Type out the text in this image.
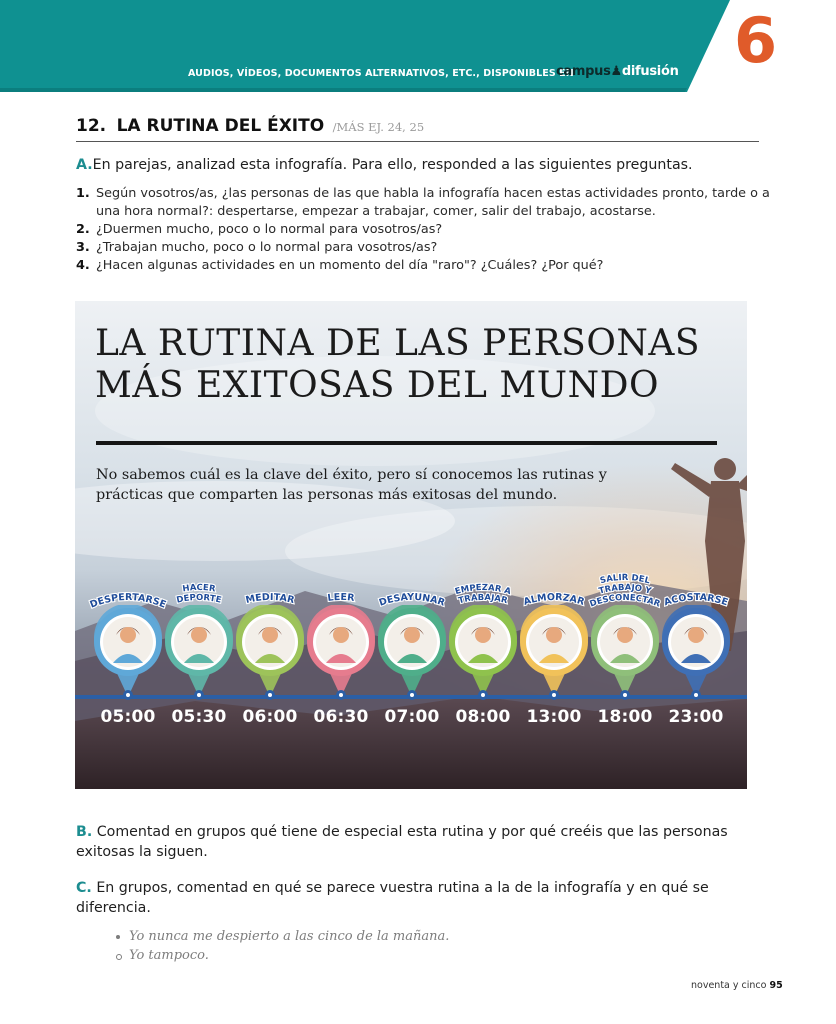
AUDIOS, VÍDEOS, DOCUMENTOS ALTERNATIVOS, ETC., DISPONIBLES EN
campus♟difusión 6
12. LA RUTINA DEL ÉXITO /MÁS EJ. 24, 25
A.En parejas, analizad esta infografía. Para ello, responded a las siguientes preguntas.
1. Según vosotros/as, ¿las personas de las que habla la infografía hacen estas actividades pronto, tarde o a una hora normal?: despertarse, empezar a trabajar, comer, salir del trabajo, acostarse.
2. ¿Duermen mucho, poco o lo normal para vosotros/as?
3. ¿Trabajan mucho, poco o lo normal para vosotros/as?
4. ¿Hacen algunas actividades en un momento del día "raro"? ¿Cuáles? ¿Por qué?
LA RUTINA DE LAS PERSONAS
MÁS EXITOSAS DEL MUNDO
No sabemos cuál es la clave del éxito, pero sí conocemos las rutinas y prácticas que comparten las personas más exitosas del mundo.
DESPERTARSE
05:00
HACER
DEPORTE
05:30
MEDITAR
06:00
LEER
06:30
DESAYUNAR
07:00
EMPEZAR A
TRABAJAR
08:00
ALMORZAR
13:00
SALIR DEL
TRABAJO Y
DESCONECTAR
18:00
ACOSTARSE
23:00
B. Comentad en grupos qué tiene de especial esta rutina y por qué creéis que las personas exitosas la siguen.
C. En grupos, comentad en qué se parece vuestra rutina a la de la infografía y en qué se diferencia.
Yo nunca me despierto a las cinco de la mañana.
Yo tampoco.
noventa y cinco 95
